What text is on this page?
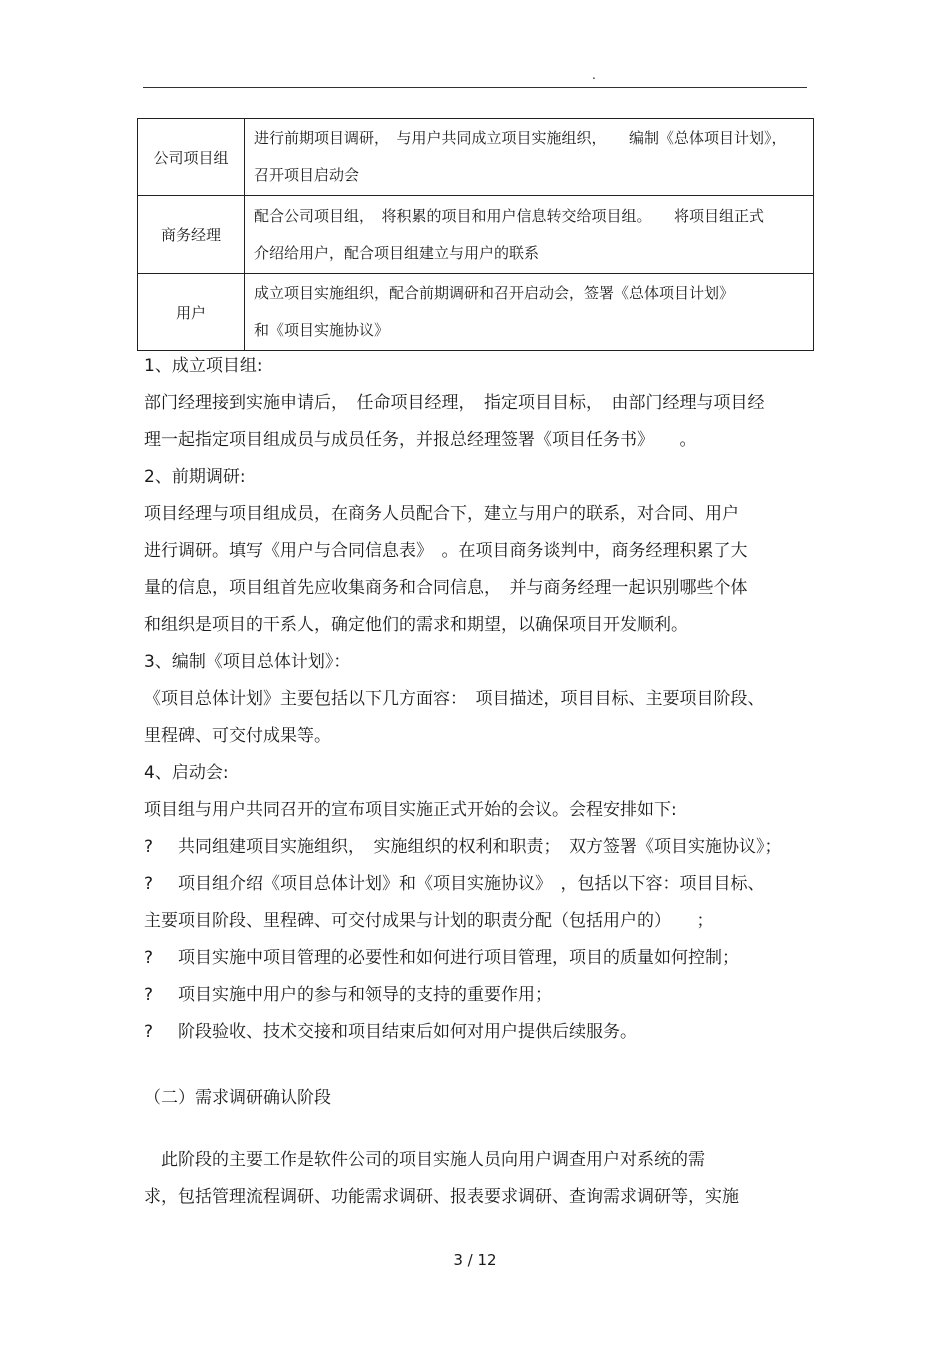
.
公司项目组	进行前期项目调研，　与用户共同成立项目实施组织，　　编制《总体项目计划》，
召开项目启动会

商务经理	配合公司项目组，　将积累的项目和用户信息转交给项目组。　　将项目组正式
介绍给用户，配合项目组建立与用户的联系

用户	成立项目实施组织，配合前期调研和召开启动会，签署《总体项目计划》
和《项目实施协议》
1、成立项目组:
部门经理接到实施申请后，　任命项目经理，　指定项目目标，　由部门经理与项目经
理一起指定项目组成员与成员任务，并报总经理签署《项目任务书》　　。
2、前期调研:
项目经理与项目组成员，在商务人员配合下，建立与用户的联系，对合同、用户
进行调研。填写《用户与合同信息表》　。在项目商务谈判中，商务经理积累了大
量的信息，项目组首先应收集商务和合同信息，　并与商务经理一起识别哪些个体
和组织是项目的干系人，确定他们的需求和期望，以确保项目开发顺利。
3、编制《项目总体计划》：
《项目总体计划》主要包括以下几方面容：　项目描述，项目目标、主要项目阶段、
里程碑、可交付成果等。
4、启动会:
项目组与用户共同召开的宣布项目实施正式开始的会议。会程安排如下:
? 共同组建项目实施组织，　实施组织的权利和职责；　双方签署《项目实施协议》；
? 项目组介绍《项目总体计划》和《项目实施协议》　，包括以下容：项目目标、
主要项目阶段、里程碑、可交付成果与计划的职责分配（包括用户的）　　；
? 项目实施中项目管理的必要性和如何进行项目管理，项目的质量如何控制；
? 项目实施中用户的参与和领导的支持的重要作用；
? 阶段验收、技术交接和项目结束后如何对用户提供后续服务。
（二）需求调研确认阶段
　此阶段的主要工作是软件公司的项目实施人员向用户调查用户对系统的需
求，包括管理流程调研、功能需求调研、报表要求调研、查询需求调研等，实施
3 / 12
